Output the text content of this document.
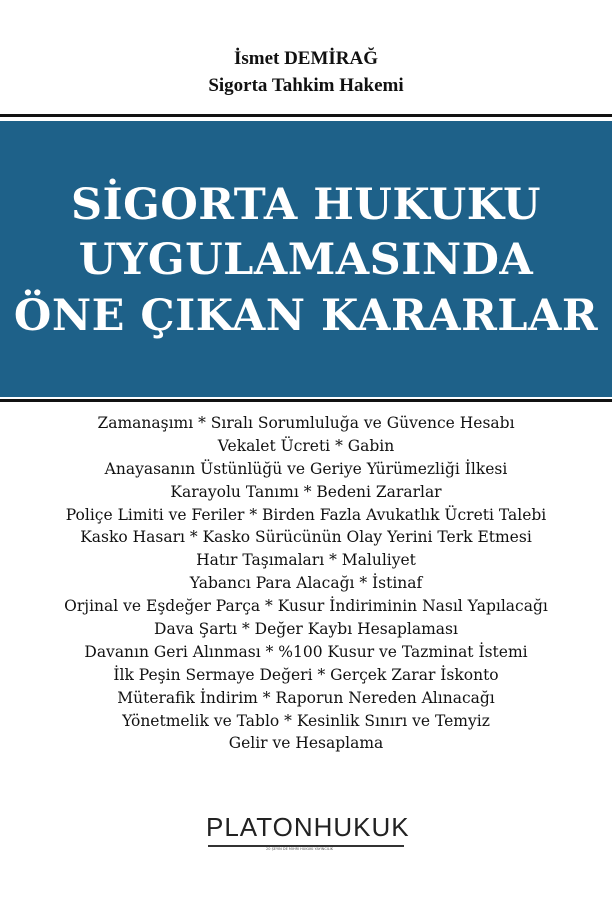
İsmet DEMİRAĞ
Sigorta Tahkim Hakemi
SİGORTA HUKUKU
UYGULAMASINDA
ÖNE ÇIKAN KARARLAR
Zamanaşımı * Sıralı Sorumluluğa ve Güvence Hesabı
Vekalet Ücreti * Gabin
Anayasanın Üstünlüğü ve Geriye Yürümezliği İlkesi
Karayolu Tanımı * Bedeni Zararlar
Poliçe Limiti ve Feriler * Birden Fazla Avukatlık Ücreti Talebi
Kasko Hasarı * Kasko Sürücünün Olay Yerini Terk Etmesi
Hatır Taşımaları * Maluliyet
Yabancı Para Alacağı * İstinaf
Orjinal ve Eşdeğer Parça * Kusur İndiriminin Nasıl Yapılacağı
Dava Şartı * Değer Kaybı Hesaplaması
Davanın Geri Alınması * %100 Kusur ve Tazminat İstemi
İlk Peşin Sermaye Değeri * Gerçek Zarar İskonto
Müterafik İndirim * Raporun Nereden Alınacağı
Yönetmelik ve Tablo * Kesinlik Sınırı ve Temyiz
Gelir ve Hesaplama
PLATONHUKUK
20 ŞEYİN DE MİHRİ HUKUKİ YAYINCILIK
